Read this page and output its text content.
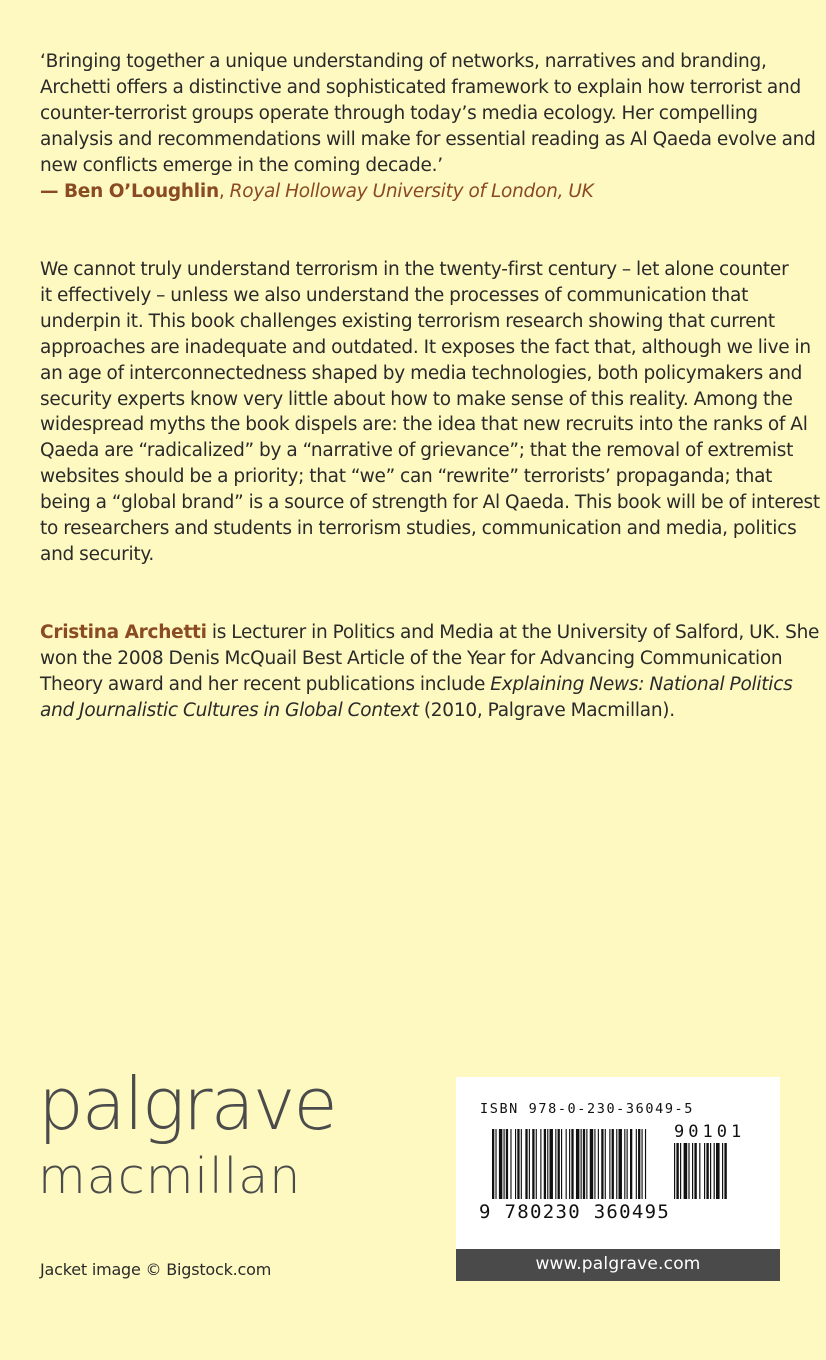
‘Bringing together a unique understanding of networks, narratives and branding,
Archetti offers a distinctive and sophisticated framework to explain how terrorist and
counter-terrorist groups operate through today’s media ecology. Her compelling
analysis and recommendations will make for essential reading as Al Qaeda evolve and
new conflicts emerge in the coming decade.’
— Ben O’Loughlin, Royal Holloway University of London, UK
We cannot truly understand terrorism in the twenty-first century – let alone counter
it effectively – unless we also understand the processes of communication that
underpin it. This book challenges existing terrorism research showing that current
approaches are inadequate and outdated. It exposes the fact that, although we live in
an age of interconnectedness shaped by media technologies, both policymakers and
security experts know very little about how to make sense of this reality. Among the
widespread myths the book dispels are: the idea that new recruits into the ranks of Al
Qaeda are “radicalized” by a “narrative of grievance”; that the removal of extremist
websites should be a priority; that “we” can “rewrite” terrorists’ propaganda; that
being a “global brand” is a source of strength for Al Qaeda. This book will be of interest
to researchers and students in terrorism studies, communication and media, politics
and security.
Cristina Archetti is Lecturer in Politics and Media at the University of Salford, UK. She
won the 2008 Denis McQuail Best Article of the Year for Advancing Communication
Theory award and her recent publications include Explaining News: National Politics
and Journalistic Cultures in Global Context (2010, Palgrave Macmillan).
palgrave
macmillan
Jacket image © Bigstock.com
ISBN 978-0-230-36049-5
90101
9 780230 360495
www.palgrave.com
